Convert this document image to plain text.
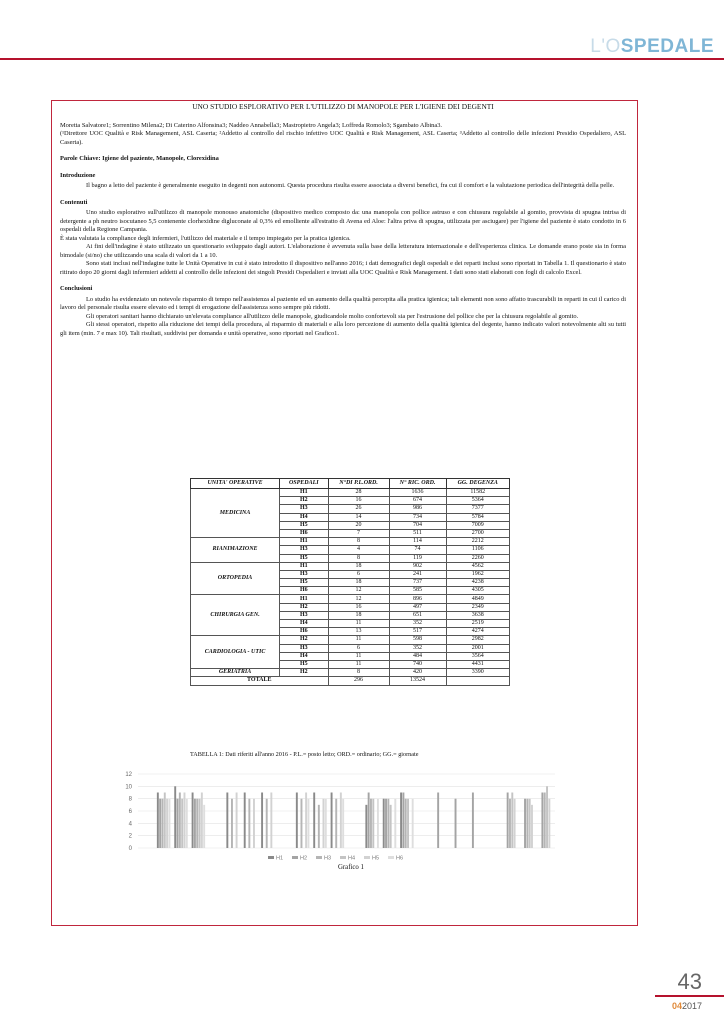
L'OSPEDALE
UNO STUDIO ESPLORATIVO PER L'UTILIZZO DI MANOPOLE PER L'IGIENE DEI DEGENTI

Moretta Salvatore1; Sorrentino Milena2; Di Caterino Alfonsina3; Naddeo Annabella3; Mastropietro Angela3; Loffreda Romolo3; Sgambato Albina3.

(¹Direttore UOC Qualità e Risk Management, ASL Caserta; ²Addetto al controllo del rischio infettivo UOC Qualità e Risk Management, ASL Caserta; ³Addetto al controllo delle infezioni Presidio Ospedaliero, ASL Caserta).

Parole Chiave: Igiene del paziente, Manopole, Clorexidina

Introduzione

Il bagno a letto del paziente è generalmente eseguito in degenti non autonomi. Questa procedura risulta essere associata a diversi benefici, fra cui il comfort e la valutazione periodica dell'integrità della pelle.

Contenuti

Uno studio esplorativo sull'utilizzo di manopole monouso anatomiche (dispositivo medico composto da: una manopola con pollice astruso e con chiusura regolabile al gomito, provvista di spugna intrisa di detergente a ph neutro isocutaneo 5,5 contenente clorhexidine digluconate al 0,3% ed emolliente all'estratto di Avena ed Aloe: l'altra priva di spugna, utilizzata per asciugare) per l'igiene del paziente è stato condotto in 6 ospedali della Regione Campania.

È stata valutata la compliance degli infermieri, l'utilizzo del materiale e il tempo impiegato per la pratica igienica.

Ai fini dell'indagine è stato utilizzato un questionario sviluppato dagli autori. L'elaborazione è avvenuta sulla base della letteratura internazionale e dell'esperienza clinica. Le domande erano poste sia in forma bimodale (si/no) che utilizzando una scala di valori da 1 a 10.

Sono stati inclusi nell'indagine tutte le Unità Operative in cui è stato introdotto il dispositivo nell'anno 2016; i dati demografici degli ospedali e dei reparti inclusi sono riportati in Tabella 1. Il questionario è stato ritirato dopo 20 giorni dagli infermieri addetti al controllo delle infezioni dei singoli Presidi Ospedalieri e inviati alla UOC Qualità e Risk Management. I dati sono stati elaborati con fogli di calcolo Excel.

Conclusioni

Lo studio ha evidenziato un notevole risparmio di tempo nell'assistenza al paziente ed un aumento della qualità percepita alla pratica igienica; tali elementi non sono affatto trascurabili in reparti in cui il carico di lavoro del personale risulta essere elevato ed i tempi di erogazione dell'assistenza sono sempre più ridotti.

Gli operatori sanitari hanno dichiarato un'elevata compliance all'utilizzo delle manopole, giudicandole molto confortevoli sia per l'estrusione del pollice che per la chiusura regolabile al gomito.

Gli stessi operatori, rispetto alla riduzione dei tempi della procedura, al risparmio di materiali e alla loro percezione di aumento della qualità igienica del degente, hanno indicato valori notevolmente alti su tutti gli item (min. 7 e max 10). Tali risultati, suddivisi per domanda e unità operative, sono riportati nel Grafico1.

UNITA' OPERATIVE	OSPEDALI	N°DI P.L.ORD.	N° RIC. ORD.	GG. DEGENZA
MEDICINA	H1	28	1636	11582
	H2	16	674	5364
	H3	26	986	7377
	H4	14	734	5784
	H5	20	704	7009
	H6	7	511	2700
RIANIMAZIONE	H1	8	114	2212
	H3	4	74	1106
	H5	8	119	2260
ORTOPEDIA	H1	18	902	4562
	H3	6	241	1962
	H5	18	737	4238
	H6	12	585	4305
CHIRURGIA GEN.	H1	12	896	4849
	H2	16	497	2349
	H3	18	651	3638
	H4	11	352	2519
	H6	13	517	4274
CARDIOLOGIA - UTIC	H2	11	598	2982
	H3	6	352	2001
	H4	11	484	3564
	H5	11	740	4431
GERIATRIA	H2	8	420	3390
TOTALE		296	13524	
TABELLA 1: Dati riferiti all'anno 2016 - P.L.= posto letto; ORD.= ordinario; GG.= giornate
0
2
4
6
8
10
12
H1	H2	H3	H4	H5	H6
Grafico 1
43
042017
